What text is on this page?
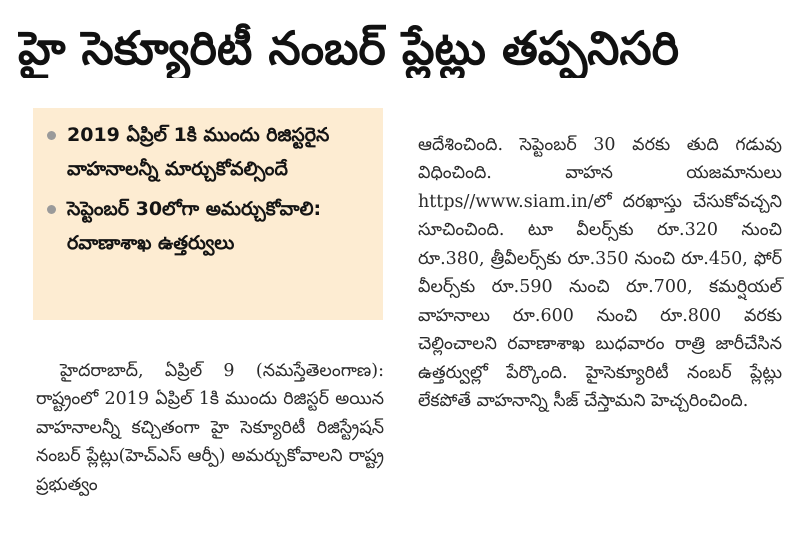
హై సెక్యూరిటీ నంబర్ ప్లేట్లు తప్పనిసరి
2019 ఏప్రిల్ 1కి ముందు రిజిస్టరైన వాహనాలన్నీ మార్చుకోవల్సిందే
సెప్టెంబర్ 30లోగా అమర్చుకోవాలి: రవాణాశాఖ ఉత్తర్వులు

హైదరాబాద్, ఏప్రిల్ 9 (నమస్తేతెలంగాణ): రాష్ట్రంలో 2019 ఏప్రిల్ 1కి ముందు రిజిస్టర్ అయిన వాహనాలన్నీ కచ్చితంగా హై సెక్యూరిటీ రిజిస్ట్రేషన్ నంబర్ ప్లేట్లు(హెచ్ఎస్ ఆర్పీ) అమర్చుకోవాలని రాష్ట్ర ప్రభుత్వం

ఆదేశించింది. సెప్టెంబర్ 30 వరకు తుది గడువు విధించింది. వాహన యజమానులు https//www.siam.in/లో దరఖాస్తు చేసుకోవచ్చని సూచించింది. టూ వీలర్స్‌కు రూ.320 నుంచి రూ.380, త్రీవీలర్స్‌కు రూ.350 నుంచి రూ.450, ఫోర్ వీలర్స్‌కు రూ.590 నుంచి రూ.700, కమర్షియల్ వాహనాలు రూ.600 నుంచి రూ.800 వరకు చెల్లించాలని రవాణాశాఖ బుధవారం రాత్రి జారీచేసిన ఉత్తర్వుల్లో పేర్కొంది. హైసెక్యూరిటీ నంబర్ ప్లేట్లు లేకపోతే వాహనాన్ని సీజ్ చేస్తామని హెచ్చరించింది.
